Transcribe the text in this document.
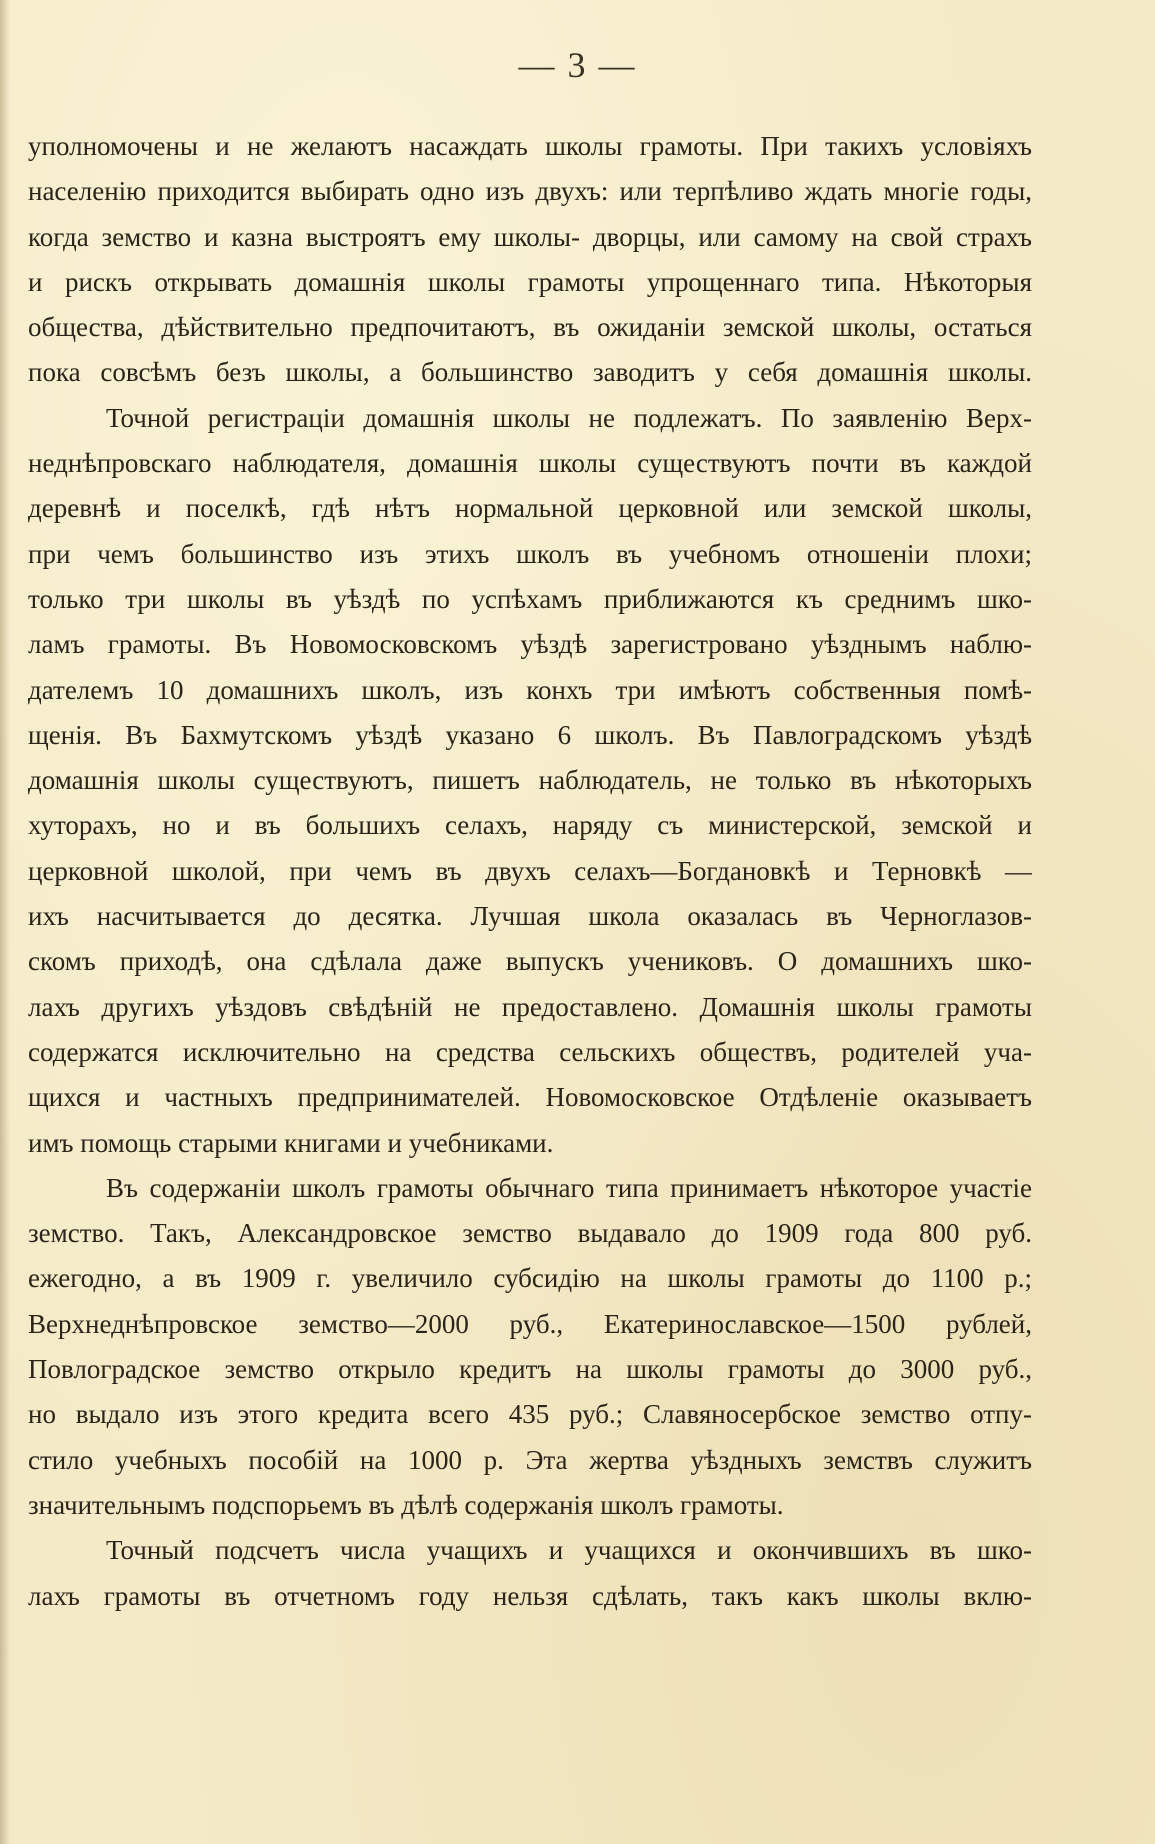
— 3 —
уполномочены и не желаютъ насаждать школы грамоты. При такихъ условіяхъ
населенію приходится выбирать одно изъ двухъ: или терпѣливо ждать многіе годы,
когда земство и казна выстроятъ ему школы- дворцы, или самому на свой страхъ
и рискъ открывать домашнія школы грамоты упрощеннаго типа. Нѣкоторыя
общества, дѣйствительно предпочитаютъ, въ ожиданіи земской школы, остаться
пока совсѣмъ безъ школы, а большинство заводитъ у себя домашнія школы.
Точной регистраціи домашнія школы не подлежатъ. По заявленію Верх-
неднѣпровскаго наблюдателя, домашнія школы существуютъ почти въ каждой
деревнѣ и поселкѣ, гдѣ нѣтъ нормальной церковной или земской школы,
при чемъ большинство изъ этихъ школъ въ учебномъ отношеніи плохи;
только три школы въ уѣздѣ по успѣхамъ приближаются къ среднимъ шко-
ламъ грамоты. Въ Новомосковскомъ уѣздѣ зарегистровано уѣзднымъ наблю-
дателемъ 10 домашнихъ школъ, изъ конхъ три имѣютъ собственныя помѣ-
щенія. Въ Бахмутскомъ уѣздѣ указано 6 школъ. Въ Павлоградскомъ уѣздѣ
домашнія школы существуютъ, пишетъ наблюдатель, не только въ нѣкоторыхъ
хуторахъ, но и въ большихъ селахъ, наряду съ министерской, земской и
церковной школой, при чемъ въ двухъ селахъ—Богдановкѣ и Терновкѣ —
ихъ насчитывается до десятка. Лучшая школа оказалась въ Черноглазов-
скомъ приходѣ, она сдѣлала даже выпускъ учениковъ. О домашнихъ шко-
лахъ другихъ уѣздовъ свѣдѣній не предоставлено. Домашнія школы грамоты
содержатся исключительно на средства сельскихъ обществъ, родителей уча-
щихся и частныхъ предпринимателей. Новомосковское Отдѣленіе оказываетъ
имъ помощь старыми книгами и учебниками.
Въ содержаніи школъ грамоты обычнаго типа принимаетъ нѣкоторое участіе
земство. Такъ, Александровское земство выдавало до 1909 года 800 руб.
ежегодно, а въ 1909 г. увеличило субсидію на школы грамоты до 1100 р.;
Верхнеднѣпровское земство—2000 руб., Екатеринославское—1500 рублей,
Повлоградское земство открыло кредитъ на школы грамоты до 3000 руб.,
но выдало изъ этого кредита всего 435 руб.; Славяносербское земство отпу-
стило учебныхъ пособій на 1000 р. Эта жертва уѣздныхъ земствъ служитъ
значительнымъ подспорьемъ въ дѣлѣ содержанія школъ грамоты.
Точный подсчетъ числа учащихъ и учащихся и окончившихъ въ шко-
лахъ грамоты въ отчетномъ году нельзя сдѣлать, такъ какъ школы вклю-
